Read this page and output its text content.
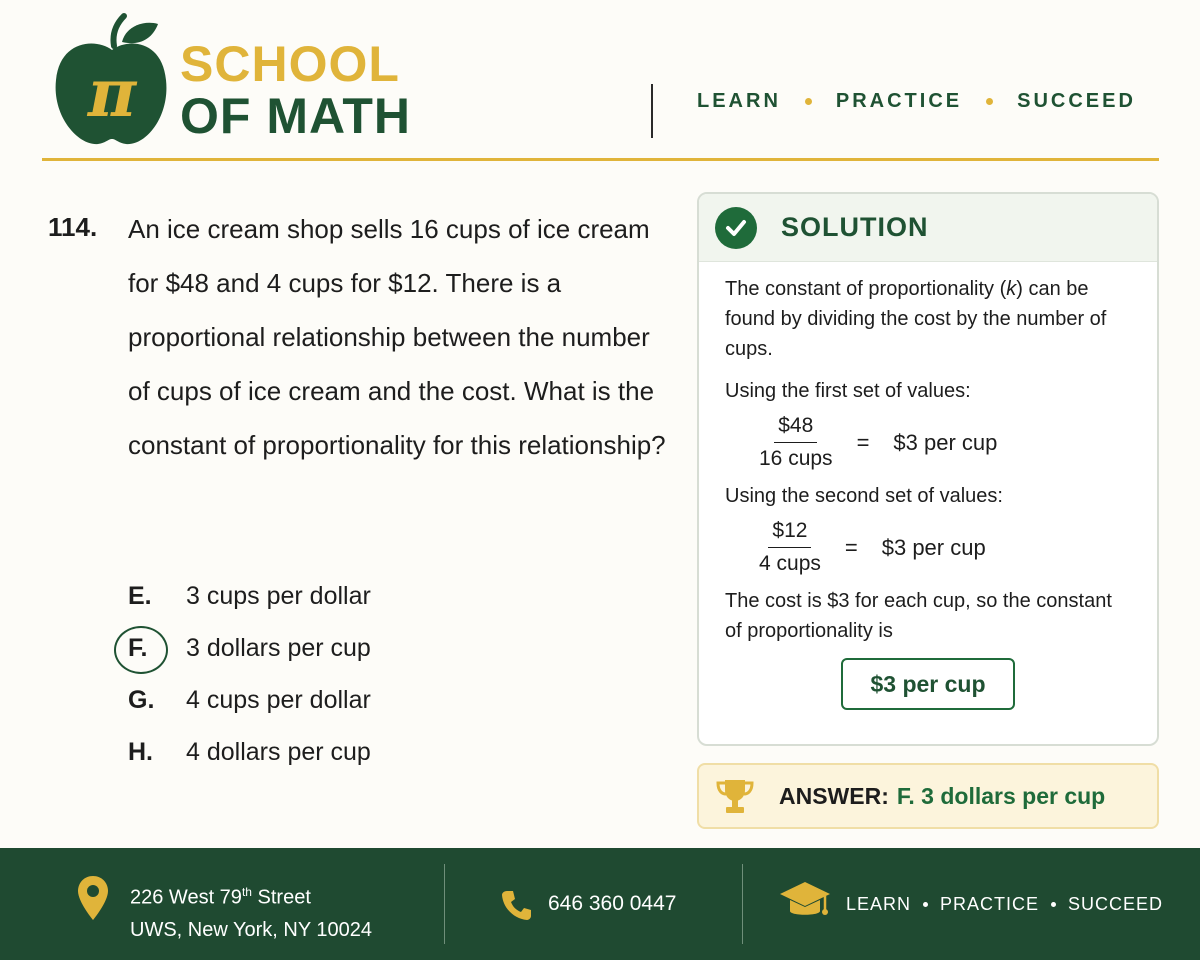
π SCHOOL
OF MATH	LEARN	PRACTICE	SUCCEED
114. An ice cream shop sells 16 cups of ice cream for $48 and 4 cups for $12. There is a proportional relationship between the number of cups of ice cream and the cost. What is the constant of proportionality for this relationship?
E.	3 cups per dollar
F.	3 dollars per cup
G.	4 cups per dollar
H.	4 dollars per cup
SOLUTION

The constant of proportionality (k) can be found by dividing the cost by the number of cups.

Using the first set of values:

$\frac{\$48}{\text{16 cups}}$ = $3 per cup

Using the second set of values:

$\frac{\$12}{\text{4 cups}}$ = $3 per cup

The cost is $3 for each cup, so the constant of proportionality is

$3 per cup
ANSWER: F. 3 dollars per cup
226 West 79th Street
UWS, New York, NY 10024
646 360 0447	LEARN PRACTICE SUCCEED
